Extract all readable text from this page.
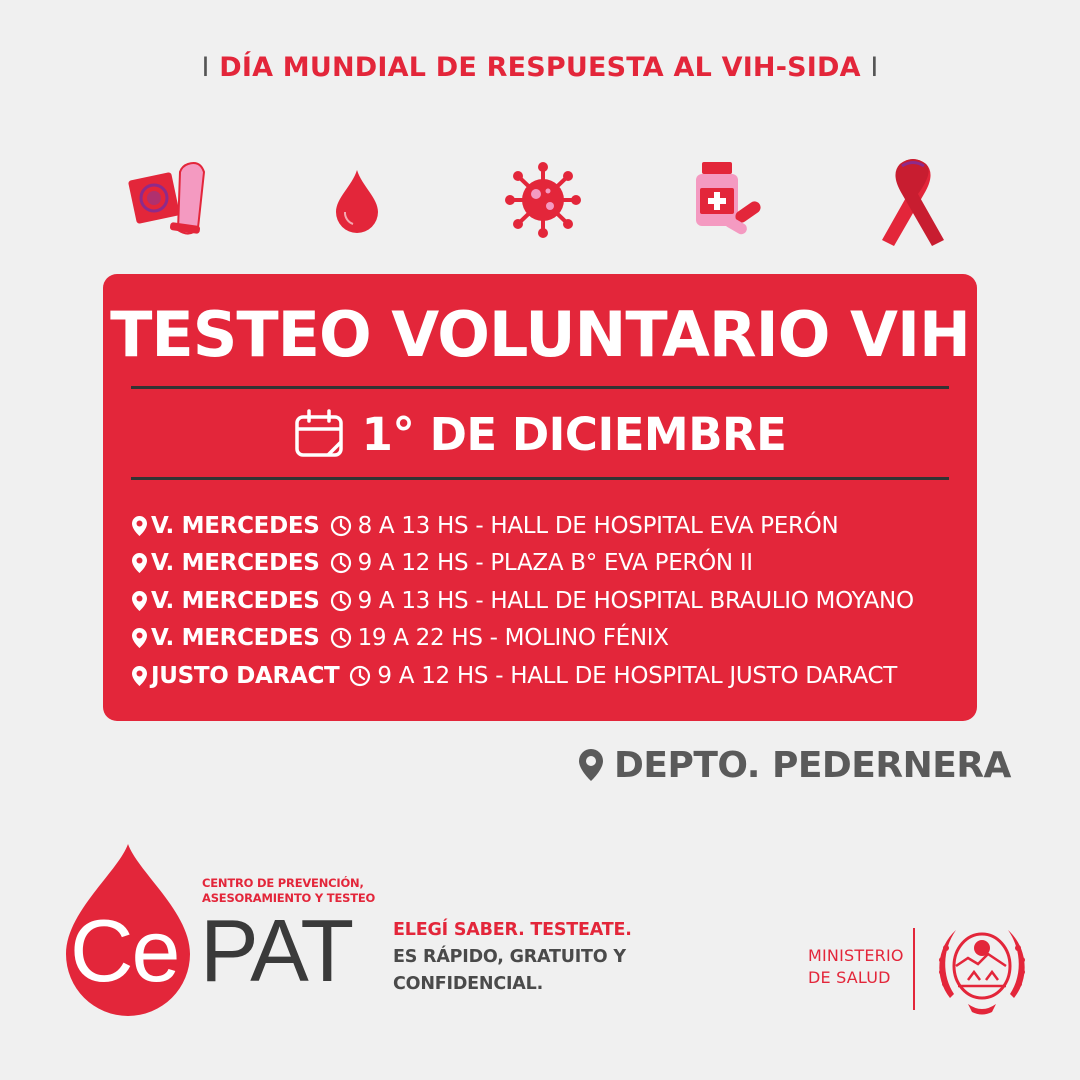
I DÍA MUNDIAL DE RESPUESTA AL VIH-SIDA I
TESTEO VOLUNTARIO VIH
1° DE DICIEMBRE
V. MERCEDES 8 A 13 HS - HALL DE HOSPITAL EVA PERÓN
V. MERCEDES 9 A 12 HS - PLAZA B° EVA PERÓN II
V. MERCEDES 9 A 13 HS - HALL DE HOSPITAL BRAULIO MOYANO
V. MERCEDES 19 A 22 HS - MOLINO FÉNIX
JUSTO DARACT 9 A 12 HS - HALL DE HOSPITAL JUSTO DARACT
DEPTO. PEDERNERA
CENTRO DE PREVENCIÓN,
ASESORAMIENTO Y TESTEO
Ce PAT ELEGÍ SABER. TESTEATE.
ES RÁPIDO, GRATUITO Y
CONFIDENCIAL.
MINISTERIO
DE SALUD
